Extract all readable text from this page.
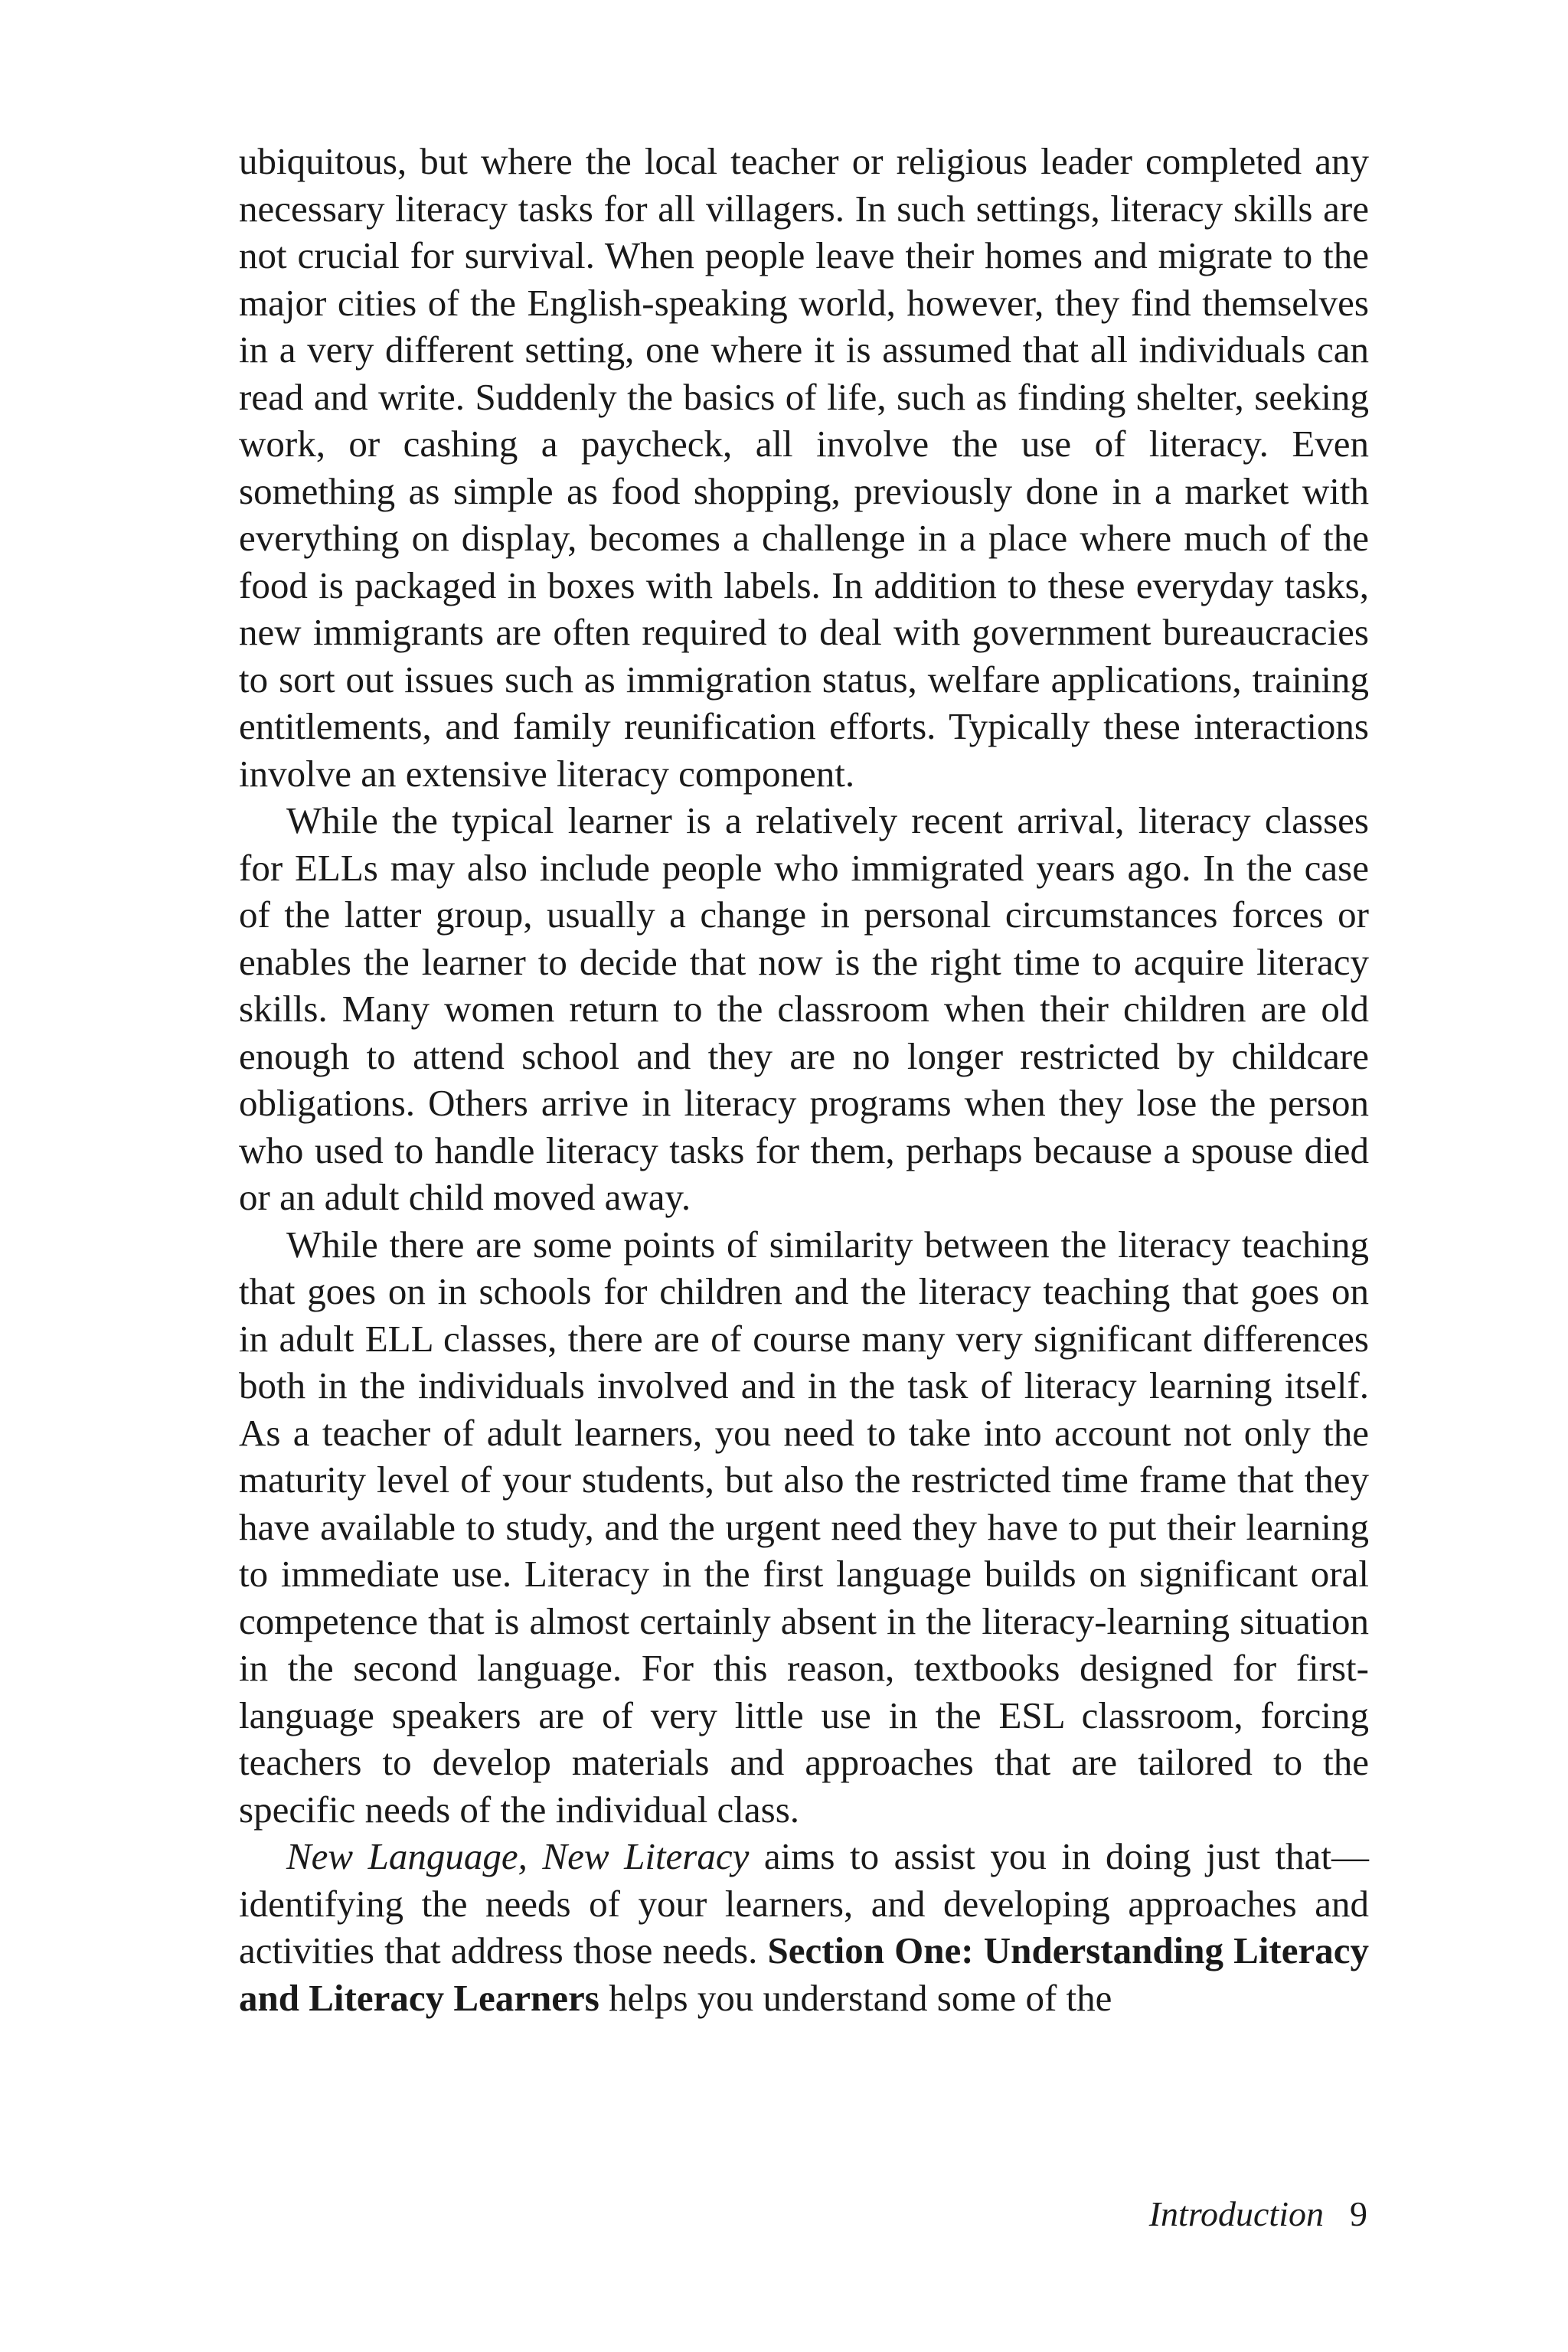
ubiquitous, but where the local teacher or religious leader completed any necessary literacy tasks for all villagers. In such settings, literacy skills are not crucial for survival. When people leave their homes and migrate to the major cities of the English-speaking world, however, they find themselves in a very different setting, one where it is assumed that all individuals can read and write. Suddenly the basics of life, such as finding shelter, seeking work, or cashing a paycheck, all involve the use of literacy. Even something as simple as food shopping, previously done in a market with everything on display, becomes a challenge in a place where much of the food is packaged in boxes with labels. In addition to these everyday tasks, new immigrants are often required to deal with government bureaucracies to sort out issues such as immigration status, welfare applications, training entitlements, and family reunification efforts. Typically these interactions involve an extensive literacy component.

While the typical learner is a relatively recent arrival, literacy classes for ELLs may also include people who immigrated years ago. In the case of the latter group, usually a change in personal circumstances forces or enables the learner to decide that now is the right time to acquire literacy skills. Many women return to the classroom when their children are old enough to attend school and they are no longer restricted by childcare obligations. Others arrive in literacy programs when they lose the person who used to handle literacy tasks for them, perhaps because a spouse died or an adult child moved away.

While there are some points of similarity between the literacy teaching that goes on in schools for children and the literacy teaching that goes on in adult ELL classes, there are of course many very significant differences both in the individuals involved and in the task of literacy learning itself. As a teacher of adult learners, you need to take into account not only the maturity level of your students, but also the restricted time frame that they have available to study, and the urgent need they have to put their learning to immediate use. Literacy in the first language builds on significant oral competence that is almost certainly absent in the literacy-learning situation in the second language. For this reason, textbooks designed for first-language speakers are of very little use in the ESL classroom, forcing teachers to develop materials and approaches that are tailored to the specific needs of the individual class.

New Language, New Literacy aims to assist you in doing just that—identifying the needs of your learners, and developing approaches and activities that address those needs. Section One: Understanding Literacy and Literacy Learners helps you understand some of the

Introduction 9
